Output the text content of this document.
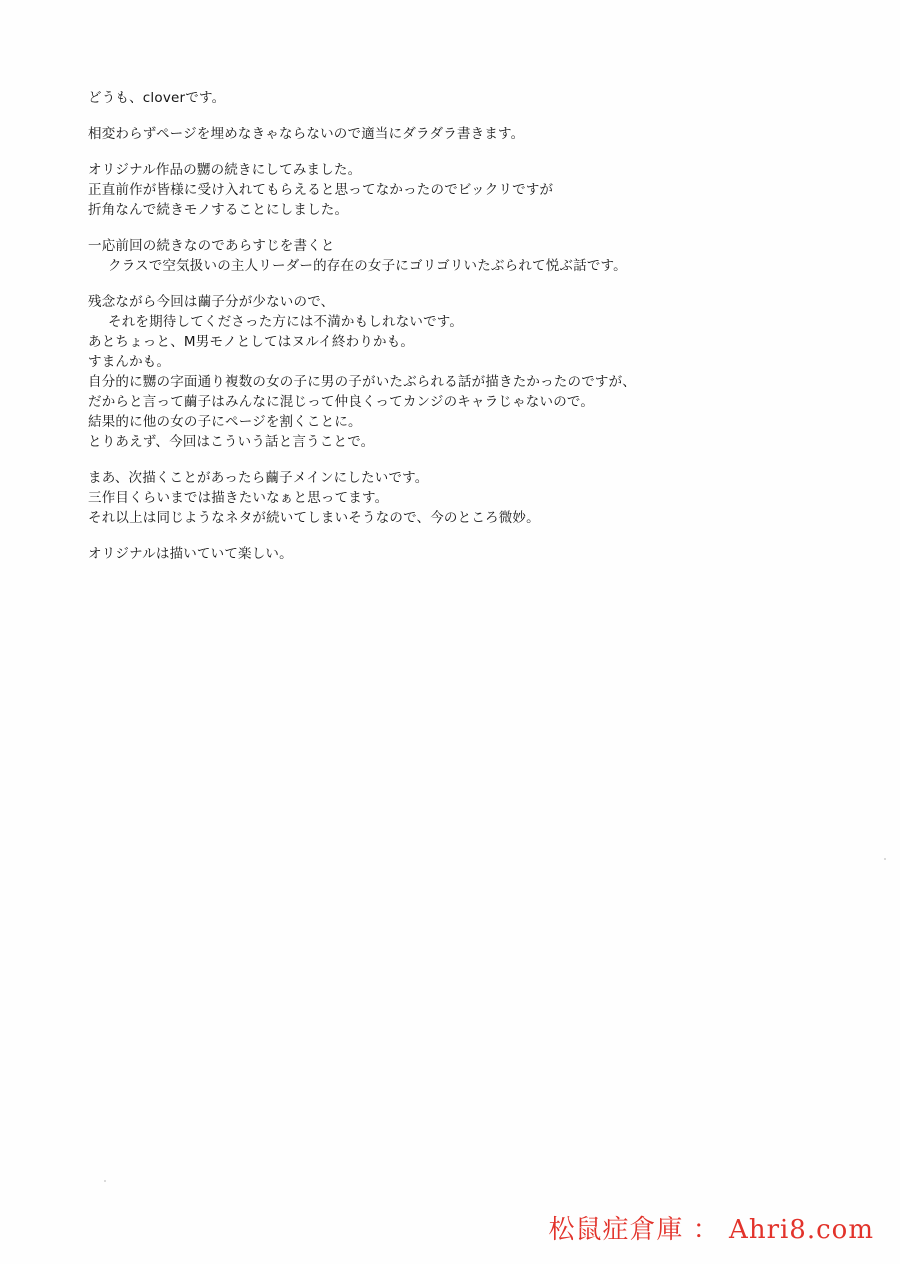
どうも、cloverです。
相変わらずページを埋めなきゃならないので適当にダラダラ書きます。
オリジナル作品の嬲の続きにしてみました。
正直前作が皆様に受け入れてもらえると思ってなかったのでビックリですが
折角なんで続きモノすることにしました。
一応前回の続きなのであらすじを書くと
クラスで空気扱いの主人リーダー的存在の女子にゴリゴリいたぶられて悦ぶ話です。
残念ながら今回は繭子分が少ないので、
それを期待してくださった方には不満かもしれないです。
あとちょっと、M男モノとしてはヌルイ終わりかも。
すまんかも。
自分的に嬲の字面通り複数の女の子に男の子がいたぶられる話が描きたかったのですが、
だからと言って繭子はみんなに混じって仲良くってカンジのキャラじゃないので。
結果的に他の女の子にページを割くことに。
とりあえず、今回はこういう話と言うことで。
まあ、次描くことがあったら繭子メインにしたいです。
三作目くらいまでは描きたいなぁと思ってます。
それ以上は同じようなネタが続いてしまいそうなので、今のところ微妙。
オリジナルは描いていて楽しい。
松鼠症倉庫 ： Ahri8.com
